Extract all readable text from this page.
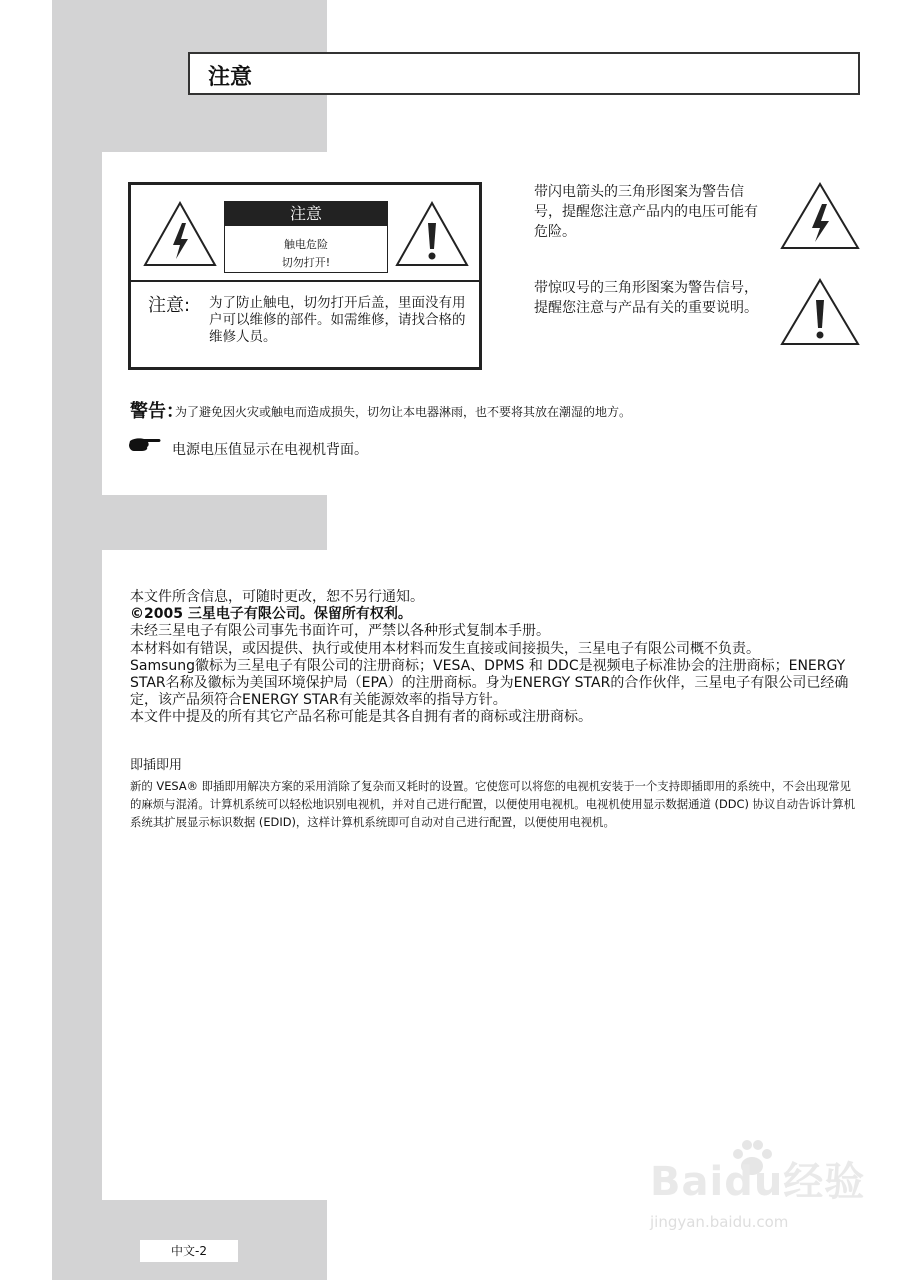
注意
注意
触电危险
切勿打开!
注意: 为了防止触电，切勿打开后盖，里面没有用户可以维修的部件。如需维修，请找合格的维修人员。
带闪电箭头的三角形图案为警告信号，提醒您注意产品内的电压可能有危险。
带惊叹号的三角形图案为警告信号，提醒您注意与产品有关的重要说明。
警告：
为了避免因火灾或触电而造成损失，切勿让本电器淋雨，也不要将其放在潮湿的地方。
电源电压值显示在电视机背面。

本文件所含信息，可随时更改，恕不另行通知。

©2005 三星电子有限公司。保留所有权利。

未经三星电子有限公司事先书面许可，严禁以各种形式复制本手册。

本材料如有错误，或因提供、执行或使用本材料而发生直接或间接损失，三星电子有限公司概不负责。

Samsung徽标为三星电子有限公司的注册商标；VESA、DPMS 和 DDC是视频电子标准协会的注册商标；ENERGY STAR名称及徽标为美国环境保护局（EPA）的注册商标。身为ENERGY STAR的合作伙伴，三星电子有限公司已经确定，该产品须符合ENERGY STAR有关能源效率的指导方针。

本文件中提及的所有其它产品名称可能是其各自拥有者的商标或注册商标。

即插即用
新的 VESA® 即插即用解决方案的采用消除了复杂而又耗时的设置。它使您可以将您的电视机安装于一个支持即插即用的系统中，不会出现常见的麻烦与混淆。计算机系统可以轻松地识别电视机，并对自己进行配置，以便使用电视机。电视机使用显示数据通道 (DDC) 协议自动告诉计算机系统其扩展显示标识数据 (EDID)，这样计算机系统即可自动对自己进行配置，以便使用电视机。
中文-2
Baidu经验
jingyan.baidu.com
